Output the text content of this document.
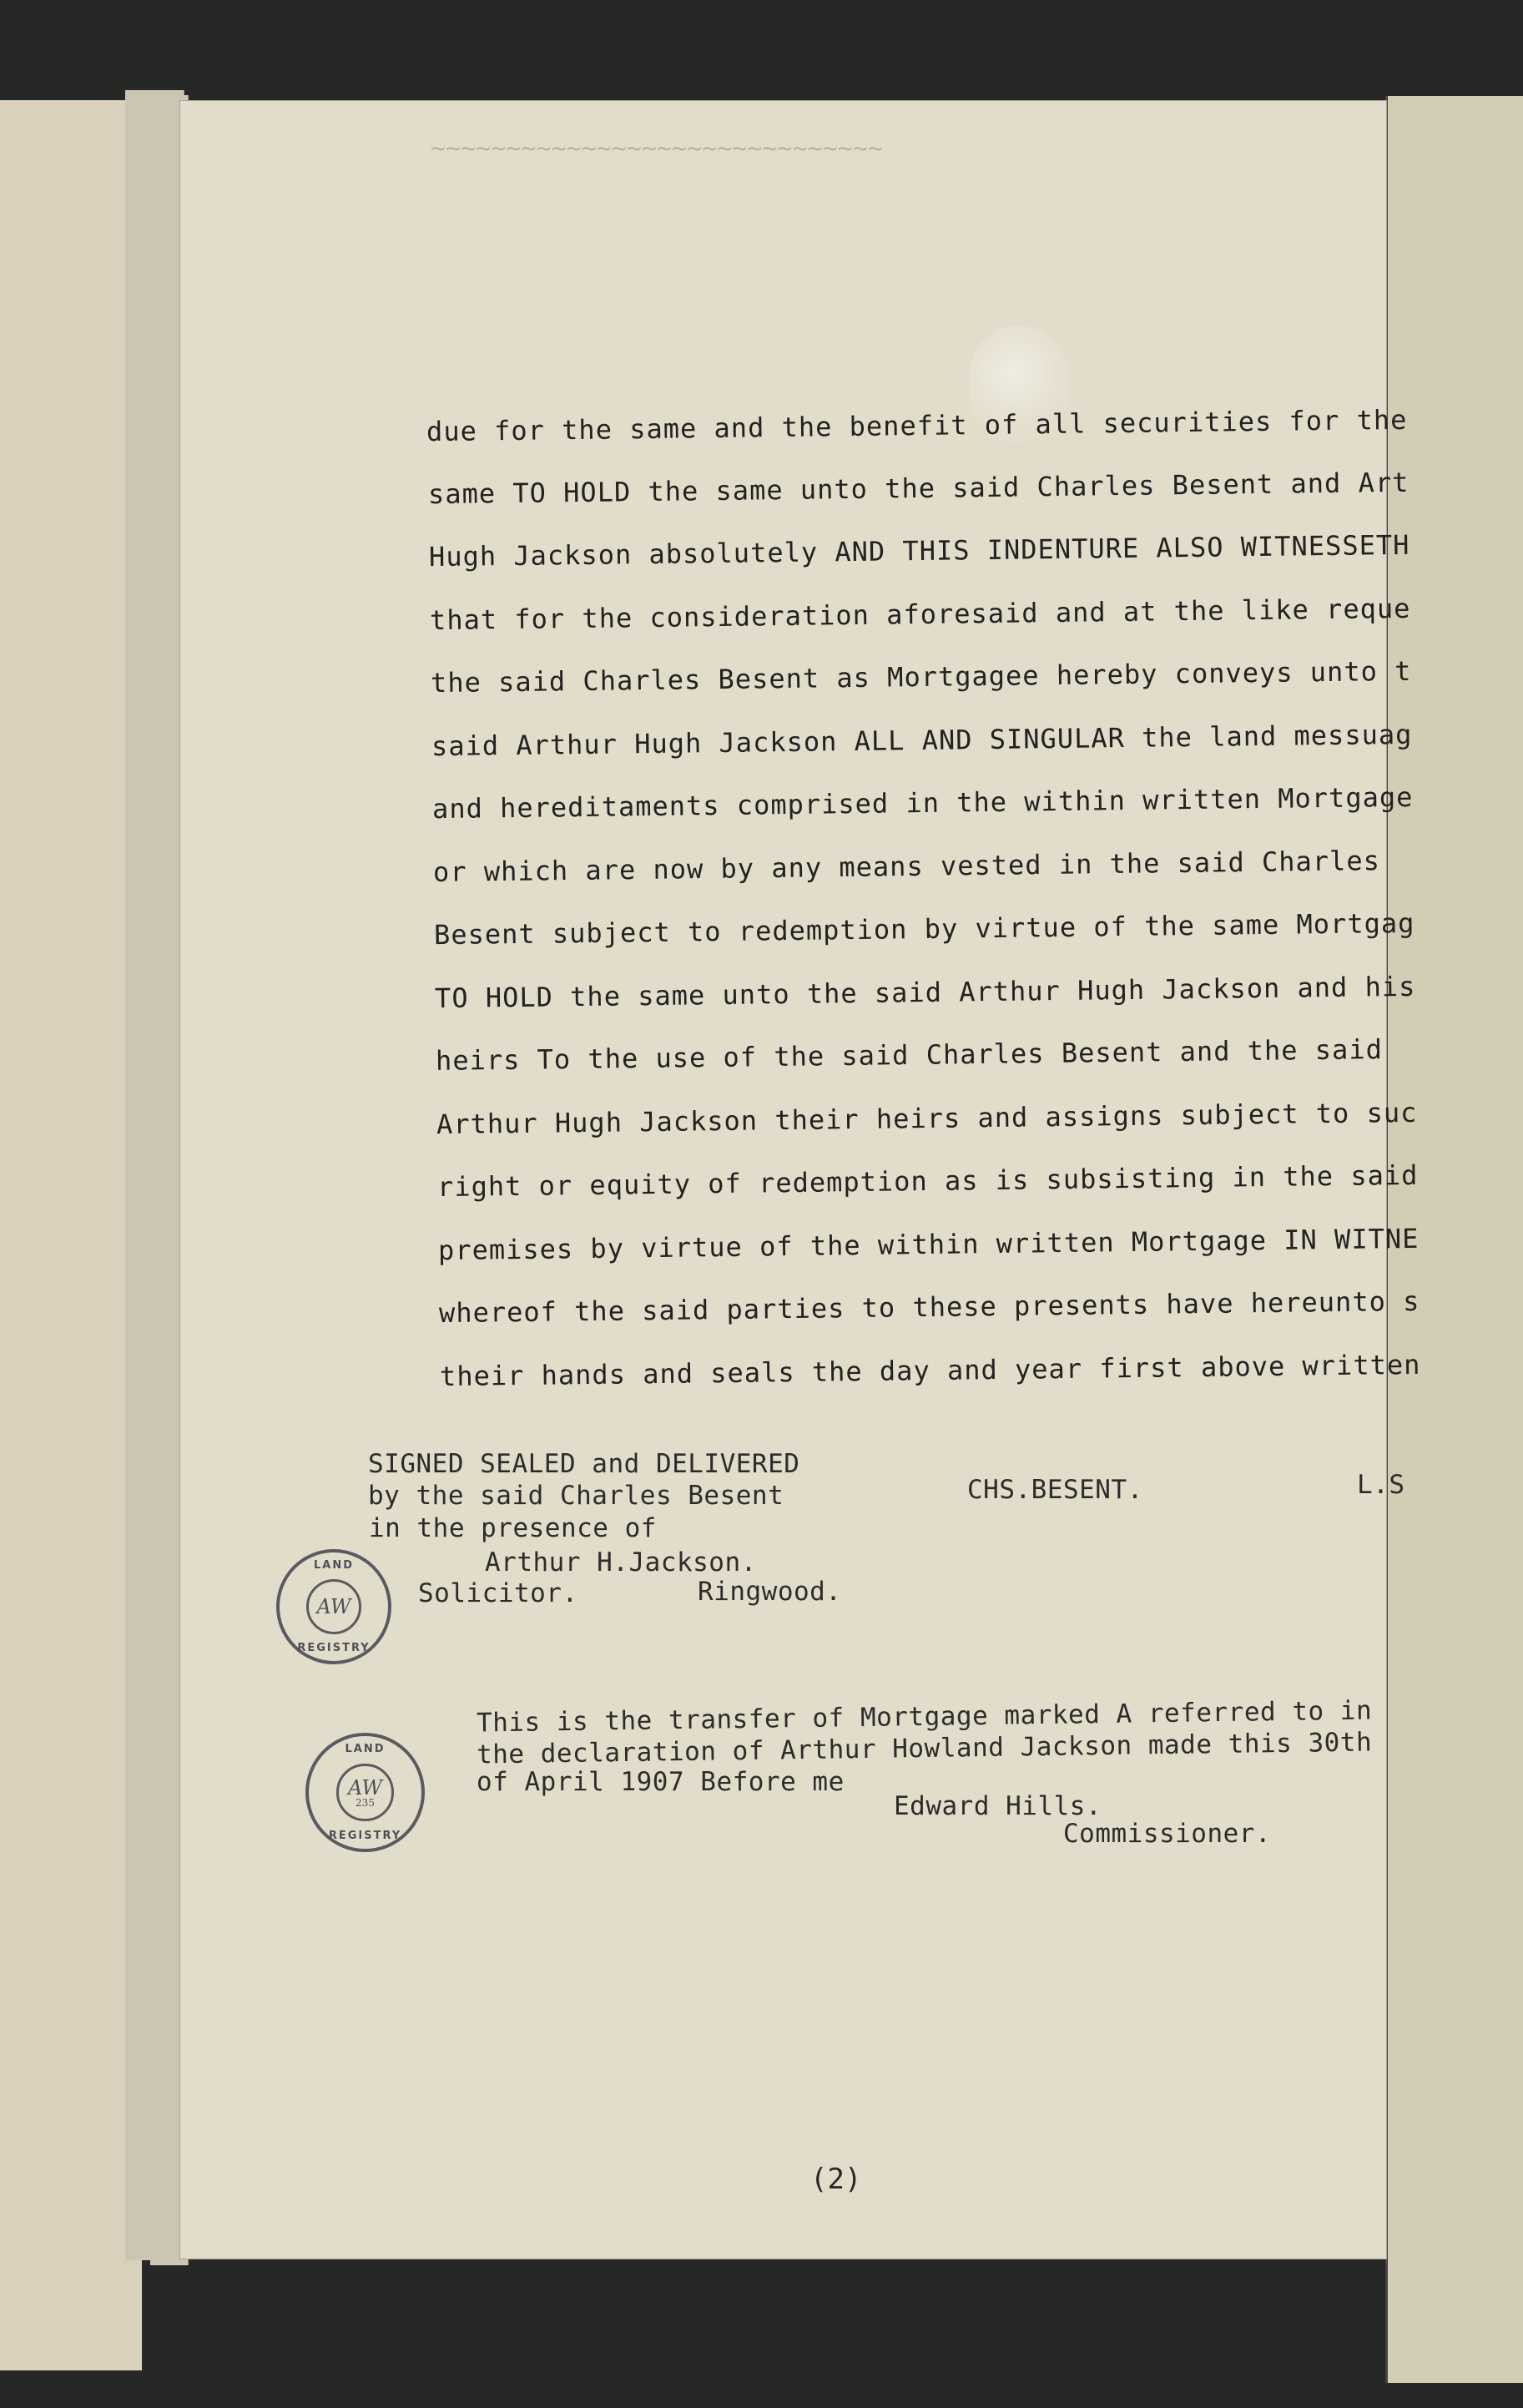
~~~~~~~~~~~~~~~~~~~~~~~~~~~~~~
due for the same and the benefit of all securities for the
same TO HOLD the same unto the said Charles Besent and Art
Hugh Jackson absolutely AND THIS INDENTURE ALSO WITNESSETH
that for the consideration aforesaid and at the like reque
the said Charles Besent as Mortgagee hereby conveys unto t
said Arthur Hugh Jackson ALL AND SINGULAR the land messuag
and hereditaments comprised in the within written Mortgage
or which are now by any means vested in the said Charles
Besent subject to redemption by virtue of the same Mortgag
TO HOLD the same unto the said Arthur Hugh Jackson and his
heirs To the use of the said Charles Besent and the said
Arthur Hugh Jackson their heirs and assigns subject to suc
right or equity of redemption as is subsisting in the said
premises by virtue of the within written Mortgage IN WITNE
whereof the said parties to these presents have hereunto s
their hands and seals the day and year first above written
SIGNED SEALED and DELIVERED
by the said Charles Besent
in the presence of
Arthur H.Jackson.
Solicitor.	Ringwood.
CHS.BESENT.	L.S
LAND
AW
REGISTRY
This is the transfer of Mortgage marked A referred to in
the declaration of Arthur Howland Jackson made this 30th
of April 1907 Before me
Edward Hills.
Commissioner.
LAND
AW
235
REGISTRY
(2)
